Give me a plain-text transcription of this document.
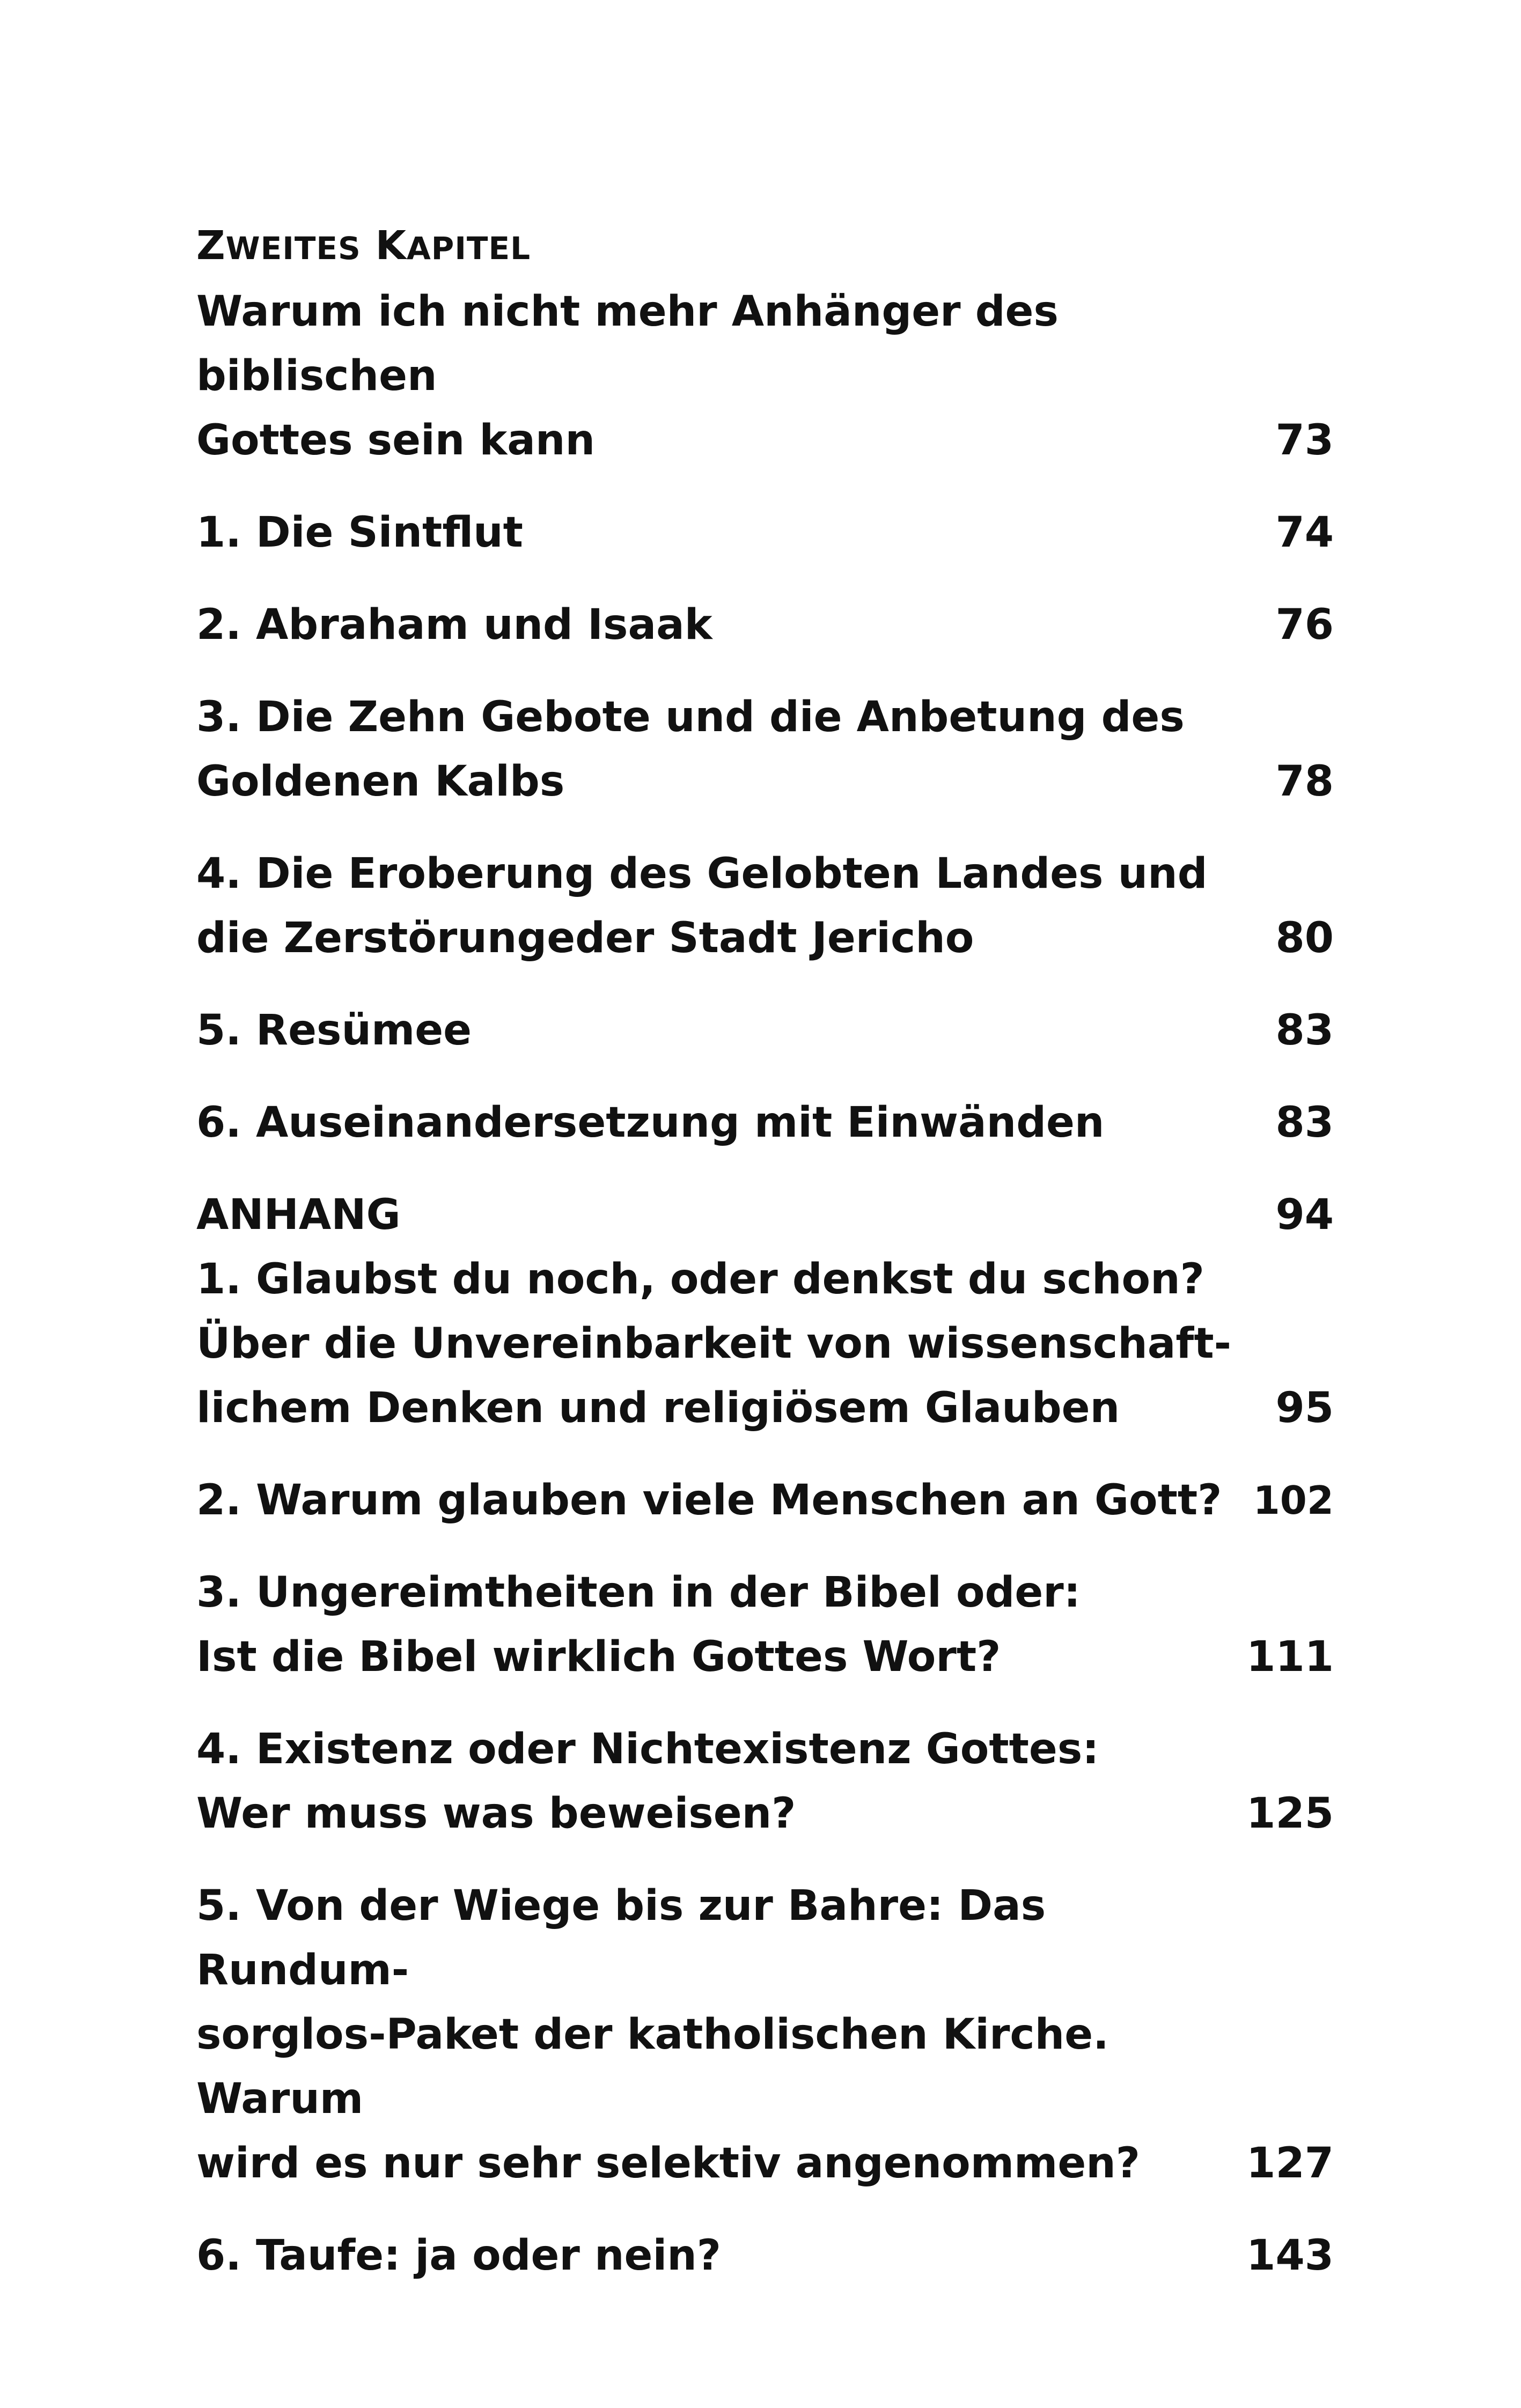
ZWEITES KAPITEL
Warum ich nicht mehr Anhänger des biblischen
Gottes sein kann	73
1. Die Sintflut	74
2. Abraham und Isaak	76
3. Die Zehn Gebote und die Anbetung des
Goldenen Kalbs	78
4. Die Eroberung des Gelobten Landes und
die Zerstörungeder Stadt Jericho	80
5. Resümee	83
6. Auseinandersetzung mit Einwänden	83
ANHANG	94
1. Glaubst du noch, oder denkst du schon?
Über die Unvereinbarkeit von wissenschaft-
lichem Denken und religiösem Glauben	95
2. Warum glauben viele Menschen an Gott? 102
3. Ungereimtheiten in der Bibel oder:
Ist die Bibel wirklich Gottes Wort?	111
4. Existenz oder Nichtexistenz Gottes:
Wer muss was beweisen?	125
5. Von der Wiege bis zur Bahre: Das Rundum-
sorglos-Paket der katholischen Kirche. Warum
wird es nur sehr selektiv angenommen?	127
6. Taufe: ja oder nein?	143
